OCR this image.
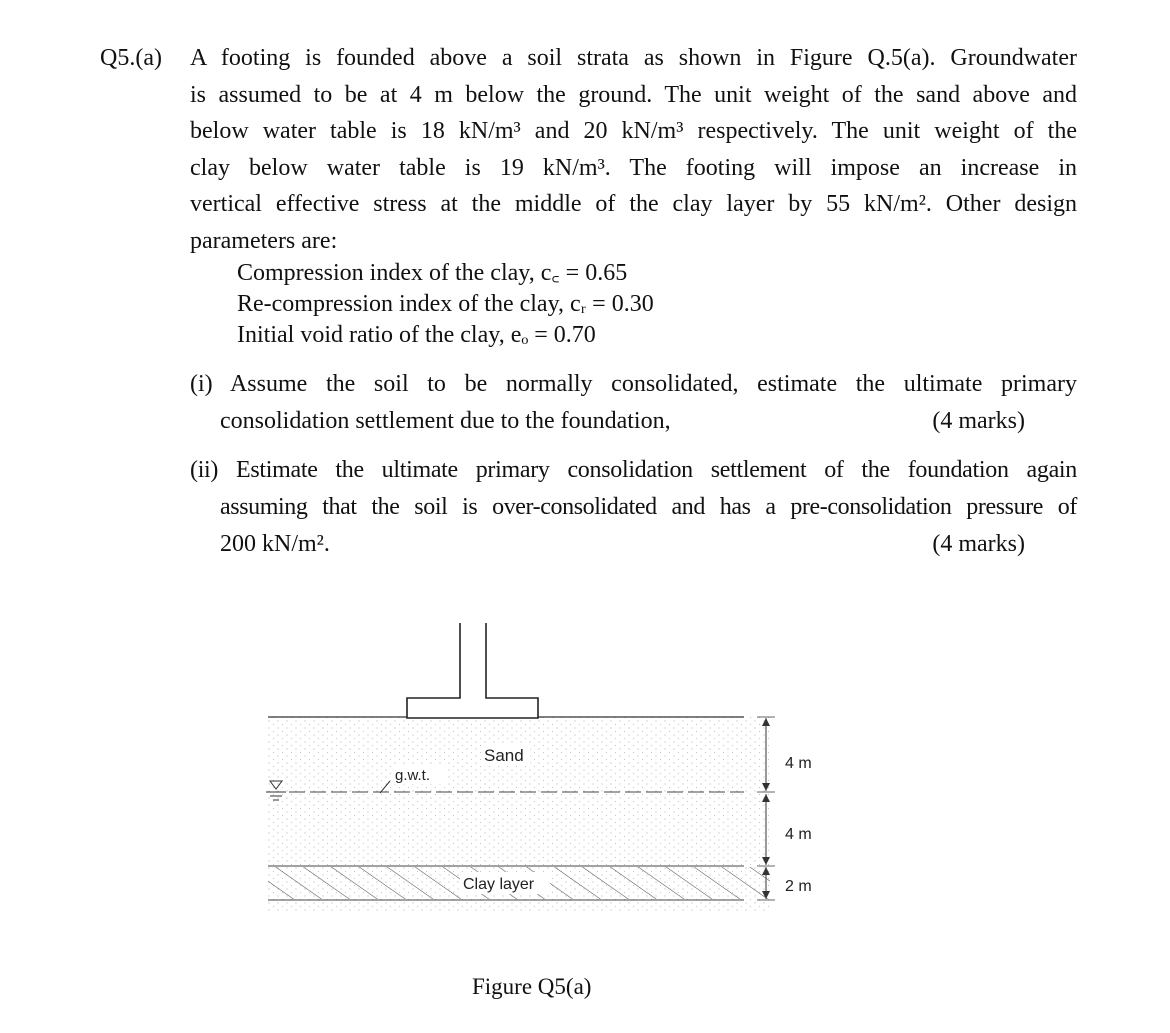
Q5.(a) A footing is founded above a soil strata as shown in Figure Q.5(a). Groundwater
is assumed to be at 4 m below the ground. The unit weight of the sand above and
below water table is 18 kN/m³ and 20 kN/m³ respectively. The unit weight of the
clay below water table is 19 kN/m³. The footing will impose an increase in
vertical effective stress at the middle of the clay layer by 55 kN/m². Other design
parameters are:
Compression index of the clay, c꜀ = 0.65
Re-compression index of the clay, cᵣ = 0.30
Initial void ratio of the clay, eₒ = 0.70
(i) Assume the soil to be normally consolidated, estimate the ultimate primary
consolidation settlement due to the foundation,	(4 marks)
(ii) Estimate the ultimate primary consolidation settlement of the foundation again
assuming that the soil is over-consolidated and has a pre-consolidation pressure of
200 kN/m².	(4 marks)
Sand
g.w.t.
Clay layer
4 m
4 m
2 m
Figure Q5(a)
